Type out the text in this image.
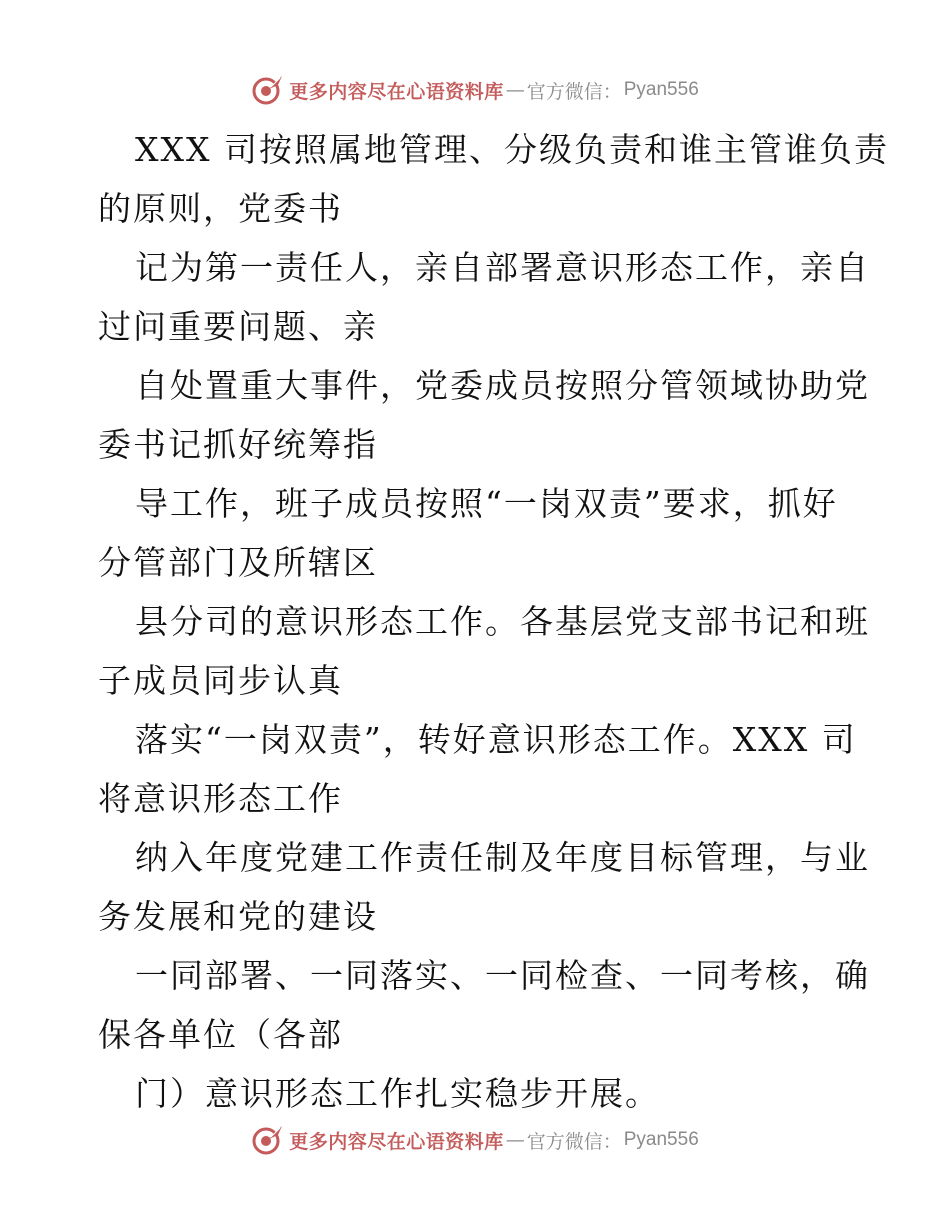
更多内容尽在心语资料库 — 官方微信： Pyan556
XXX 司按照属地管理、分级负责和谁主管谁负责
的原则，党委书
记为第一责任人，亲自部署意识形态工作，亲自
过问重要问题、亲
自处置重大事件，党委成员按照分管领域协助党
委书记抓好统筹指
导工作，班子成员按照“一岗双责”要求，抓好
分管部门及所辖区
县分司的意识形态工作。各基层党支部书记和班
子成员同步认真
落实“一岗双责”，转好意识形态工作。XXX 司
将意识形态工作
纳入年度党建工作责任制及年度目标管理，与业
务发展和党的建设
一同部署、一同落实、一同检查、一同考核，确
保各单位（各部
门）意识形态工作扎实稳步开展。
更多内容尽在心语资料库 — 官方微信： Pyan556
